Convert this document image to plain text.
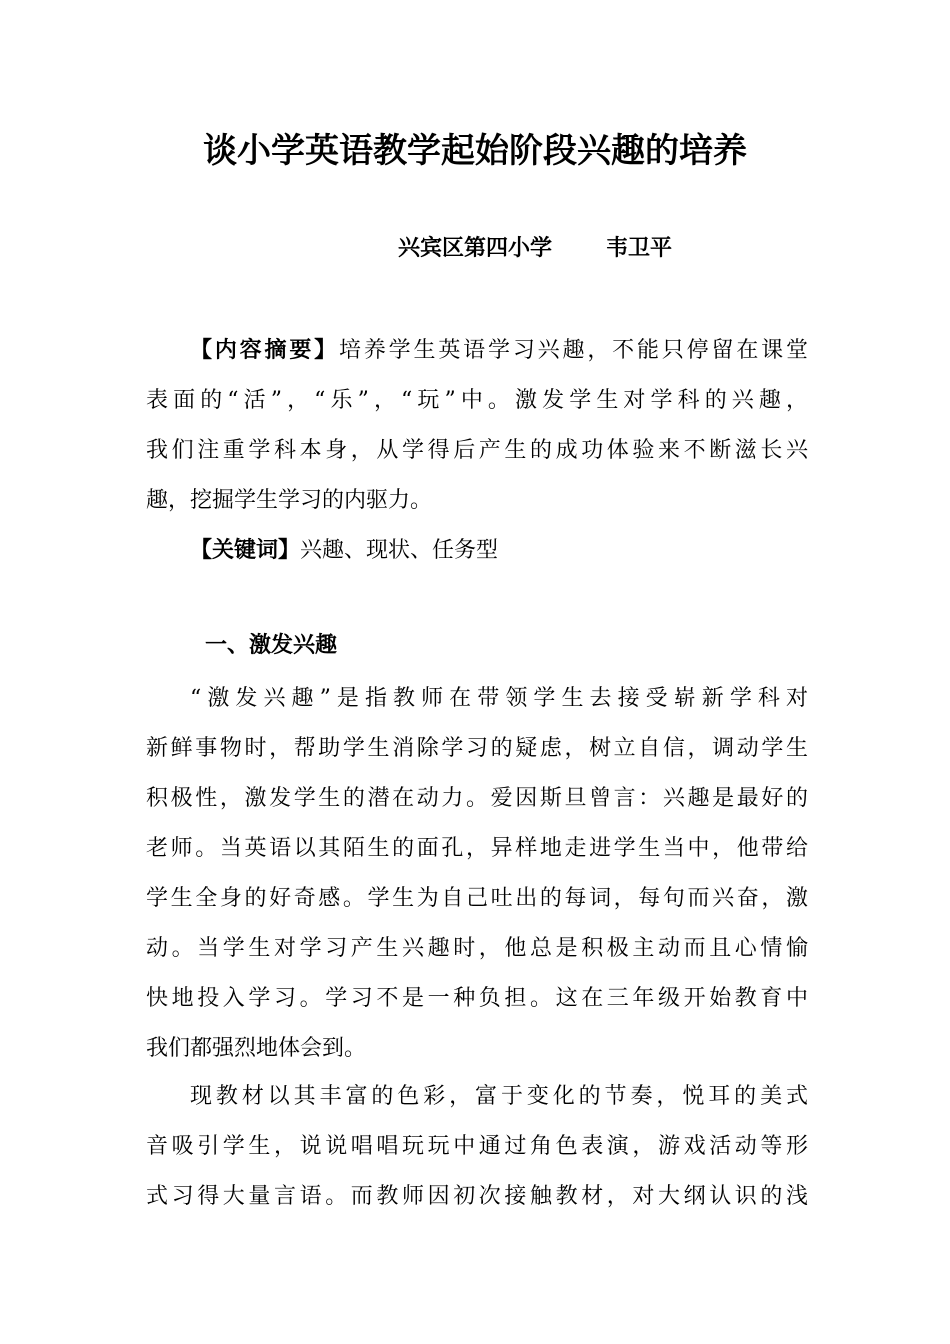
谈小学英语教学起始阶段兴趣的培养
兴宾区第四小学 韦卫平
【内容摘要】培养学生英语学习兴趣，不能只停留在课堂
表面的“活”，“乐”，“玩”中。激发学生对学科的兴趣，
我们注重学科本身，从学得后产生的成功体验来不断滋长兴
趣，挖掘学生学习的内驱力。
【关键词】兴趣、现状、任务型
一、激发兴趣
“激发兴趣”是指教师在带领学生去接受崭新学科对
新鲜事物时，帮助学生消除学习的疑虑，树立自信，调动学生
积极性，激发学生的潜在动力。爱因斯旦曾言：兴趣是最好的
老师。当英语以其陌生的面孔，异样地走进学生当中，他带给
学生全身的好奇感。学生为自己吐出的每词，每句而兴奋，激
动。当学生对学习产生兴趣时，他总是积极主动而且心情愉
快地投入学习。学习不是一种负担。这在三年级开始教育中
我们都强烈地体会到。
现教材以其丰富的色彩，富于变化的节奏，悦耳的美式
音吸引学生，说说唱唱玩玩中通过角色表演，游戏活动等形
式习得大量言语。而教师因初次接触教材，对大纲认识的浅
